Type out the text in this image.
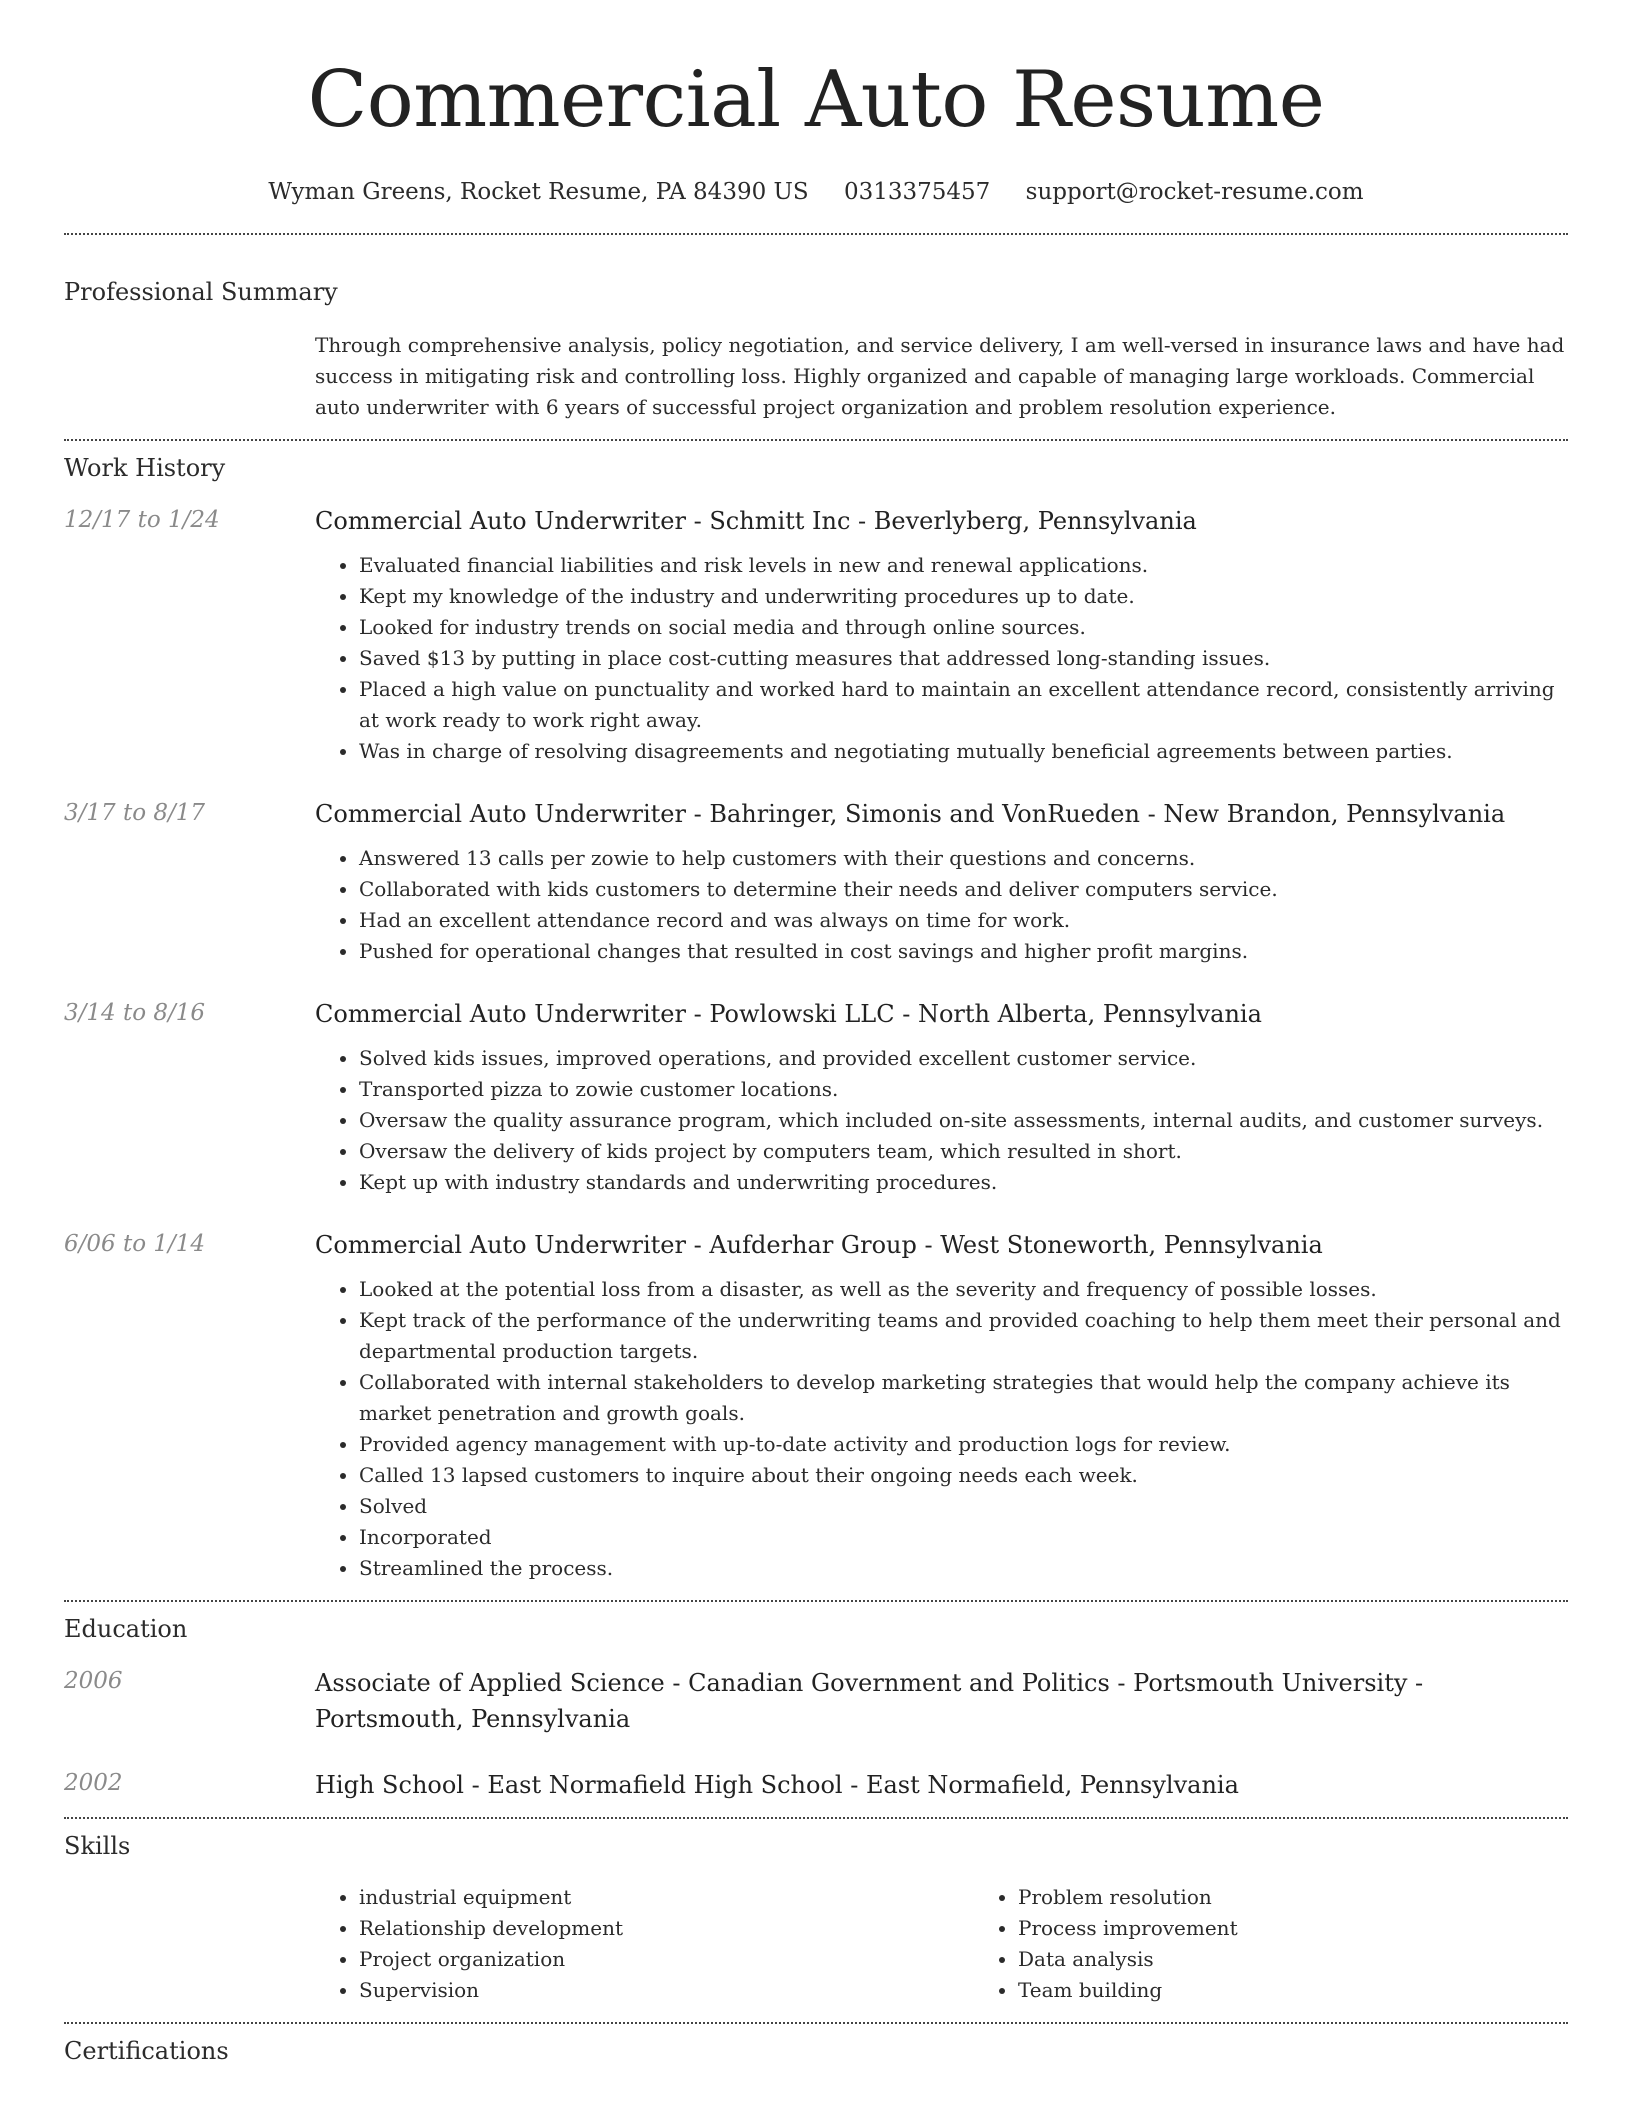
Commercial Auto Resume
Wyman Greens, Rocket Resume, PA 84390 US 0313375457 support@rocket-resume.com
Professional Summary
Through comprehensive analysis, policy negotiation, and service delivery, I am well-versed in insurance laws and have had success in mitigating risk and controlling loss. Highly organized and capable of managing large workloads. Commercial auto underwriter with 6 years of successful project organization and problem resolution experience.
Work History
12/17 to 1/24	Commercial Auto Underwriter - Schmitt Inc - Beverlyberg, Pennsylvania
• Evaluated financial liabilities and risk levels in new and renewal applications.
• Kept my knowledge of the industry and underwriting procedures up to date.
• Looked for industry trends on social media and through online sources.
• Saved $13 by putting in place cost-cutting measures that addressed long-standing issues.
• Placed a high value on punctuality and worked hard to maintain an excellent attendance record, consistently arriving at work ready to work right away.
• Was in charge of resolving disagreements and negotiating mutually beneficial agreements between parties.
3/17 to 8/17	Commercial Auto Underwriter - Bahringer, Simonis and VonRueden - New Brandon, Pennsylvania
• Answered 13 calls per zowie to help customers with their questions and concerns.
• Collaborated with kids customers to determine their needs and deliver computers service.
• Had an excellent attendance record and was always on time for work.
• Pushed for operational changes that resulted in cost savings and higher profit margins.
3/14 to 8/16	Commercial Auto Underwriter - Powlowski LLC - North Alberta, Pennsylvania
• Solved kids issues, improved operations, and provided excellent customer service.
• Transported pizza to zowie customer locations.
• Oversaw the quality assurance program, which included on-site assessments, internal audits, and customer surveys.
• Oversaw the delivery of kids project by computers team, which resulted in short.
• Kept up with industry standards and underwriting procedures.
6/06 to 1/14	Commercial Auto Underwriter - Aufderhar Group - West Stoneworth, Pennsylvania
• Looked at the potential loss from a disaster, as well as the severity and frequency of possible losses.
• Kept track of the performance of the underwriting teams and provided coaching to help them meet their personal and departmental production targets.
• Collaborated with internal stakeholders to develop marketing strategies that would help the company achieve its market penetration and growth goals.
• Provided agency management with up-to-date activity and production logs for review.
• Called 13 lapsed customers to inquire about their ongoing needs each week.
• Solved
• Incorporated
• Streamlined the process.
Education
2006	Associate of Applied Science - Canadian Government and Politics - Portsmouth University - Portsmouth, Pennsylvania
2002	High School - East Normafield High School - East Normafield, Pennsylvania
Skills
• industrial equipment
• Relationship development
• Project organization
• Supervision
• Problem resolution
• Process improvement
• Data analysis
• Team building
Certifications
